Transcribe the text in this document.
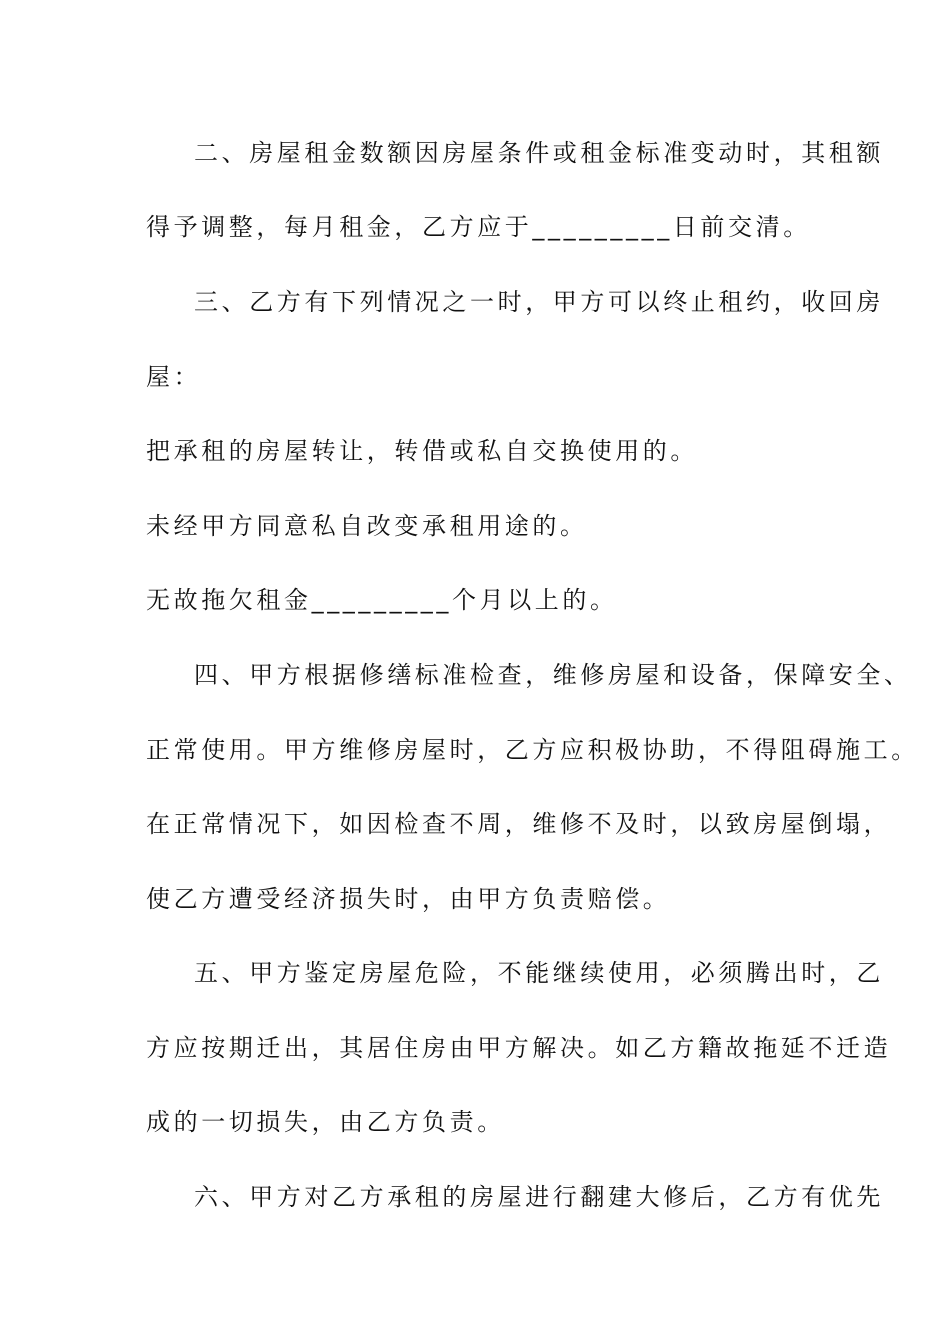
二、房屋租金数额因房屋条件或租金标准变动时，其租额

得予调整，每月租金，乙方应于_________日前交清。

三、乙方有下列情况之一时，甲方可以终止租约，收回房

屋：

把承租的房屋转让，转借或私自交换使用的。

未经甲方同意私自改变承租用途的。

无故拖欠租金_________个月以上的。

四、甲方根据修缮标准检查，维修房屋和设备，保障安全、

正常使用。甲方维修房屋时，乙方应积极协助，不得阻碍施工。

在正常情况下，如因检查不周，维修不及时，以致房屋倒塌，

使乙方遭受经济损失时，由甲方负责赔偿。

五、甲方鉴定房屋危险，不能继续使用，必须腾出时，乙

方应按期迁出，其居住房由甲方解决。如乙方籍故拖延不迁造

成的一切损失，由乙方负责。

六、甲方对乙方承租的房屋进行翻建大修后，乙方有优先
